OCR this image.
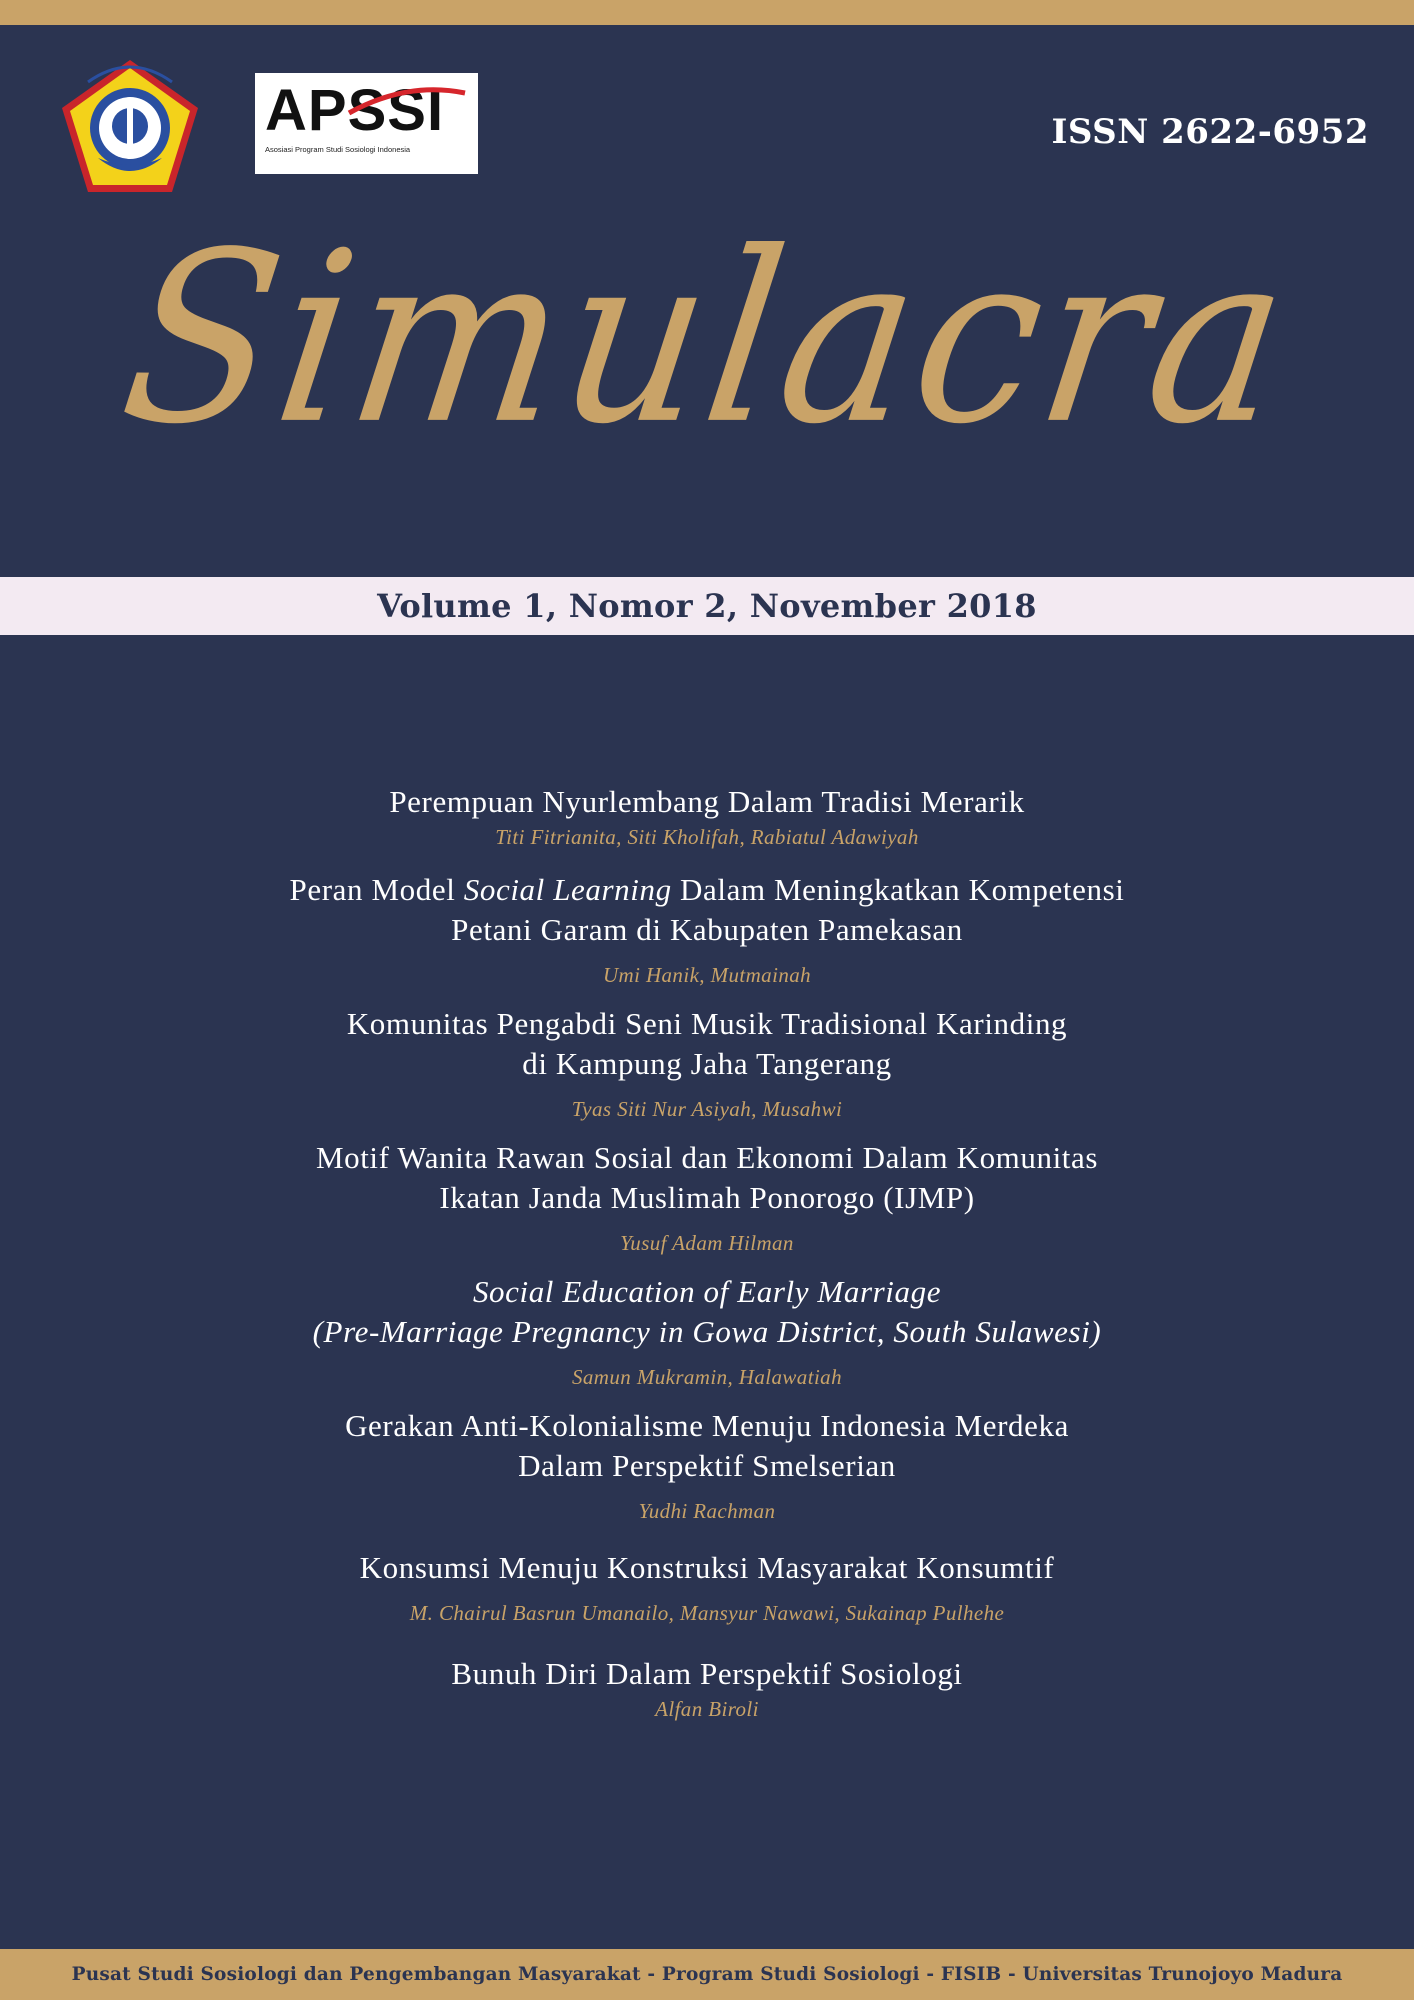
APSSI
Asosiasi Program Studi Sosiologi Indonesia	ISSN 2622-6952
Simulacra
Volume 1, Nomor 2, November 2018
Perempuan Nyurlembang Dalam Tradisi Merarik
Titi Fitrianita, Siti Kholifah, Rabiatul Adawiyah
Peran Model Social Learning Dalam Meningkatkan Kompetensi
Petani Garam di Kabupaten Pamekasan
Umi Hanik, Mutmainah
Komunitas Pengabdi Seni Musik Tradisional Karinding
di Kampung Jaha Tangerang
Tyas Siti Nur Asiyah, Musahwi
Motif Wanita Rawan Sosial dan Ekonomi Dalam Komunitas
Ikatan Janda Muslimah Ponorogo (IJMP)
Yusuf Adam Hilman
Social Education of Early Marriage
(Pre-Marriage Pregnancy in Gowa District, South Sulawesi)
Samun Mukramin, Halawatiah
Gerakan Anti-Kolonialisme Menuju Indonesia Merdeka
Dalam Perspektif Smelserian
Yudhi Rachman
Konsumsi Menuju Konstruksi Masyarakat Konsumtif
M. Chairul Basrun Umanailo, Mansyur Nawawi, Sukainap Pulhehe
Bunuh Diri Dalam Perspektif Sosiologi
Alfan Biroli
Pusat Studi Sosiologi dan Pengembangan Masyarakat - Program Studi Sosiologi - FISIB - Universitas Trunojoyo Madura
